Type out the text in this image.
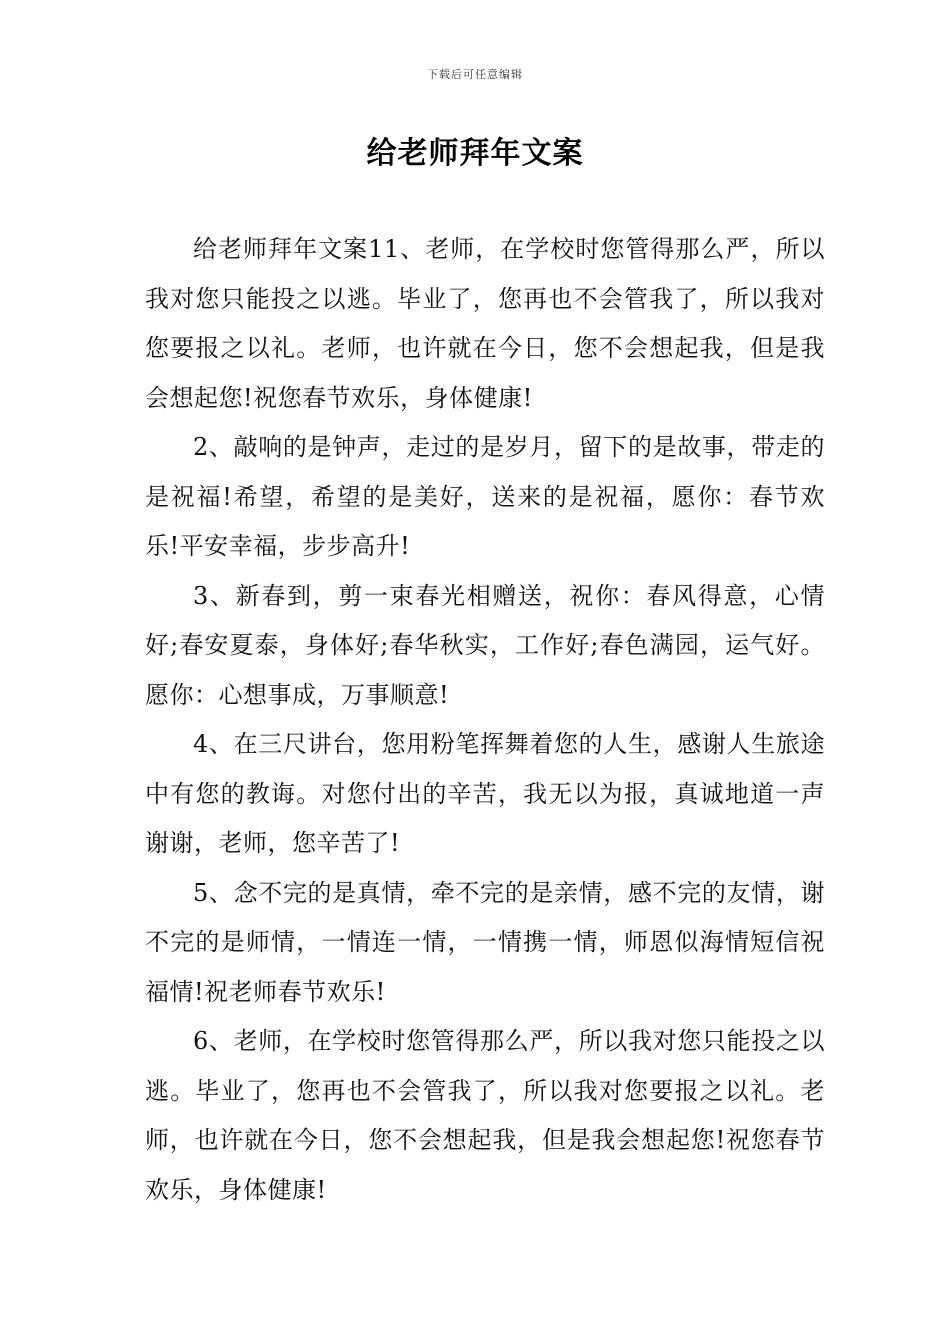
下载后可任意编辑
给老师拜年文案

给老师拜年文案11、老师，在学校时您管得那么严，所以我对您只能投之以逃。毕业了，您再也不会管我了，所以我对您要报之以礼。老师，也许就在今日，您不会想起我，但是我会想起您!祝您春节欢乐，身体健康!

2、敲响的是钟声，走过的是岁月，留下的是故事，带走的是祝福!希望，希望的是美好，送来的是祝福，愿你：春节欢乐!平安幸福，步步高升!

3、新春到，剪一束春光相赠送，祝你：春风得意，心情好;春安夏泰，身体好;春华秋实，工作好;春色满园，运气好。愿你：心想事成，万事顺意!

4、在三尺讲台，您用粉笔挥舞着您的人生，感谢人生旅途中有您的教诲。对您付出的辛苦，我无以为报，真诚地道一声谢谢，老师，您辛苦了!

5、念不完的是真情，牵不完的是亲情，感不完的友情，谢不完的是师情，一情连一情，一情携一情，师恩似海情短信祝福情!祝老师春节欢乐!

6、老师，在学校时您管得那么严，所以我对您只能投之以逃。毕业了，您再也不会管我了，所以我对您要报之以礼。老师，也许就在今日，您不会想起我，但是我会想起您!祝您春节欢乐，身体健康!
